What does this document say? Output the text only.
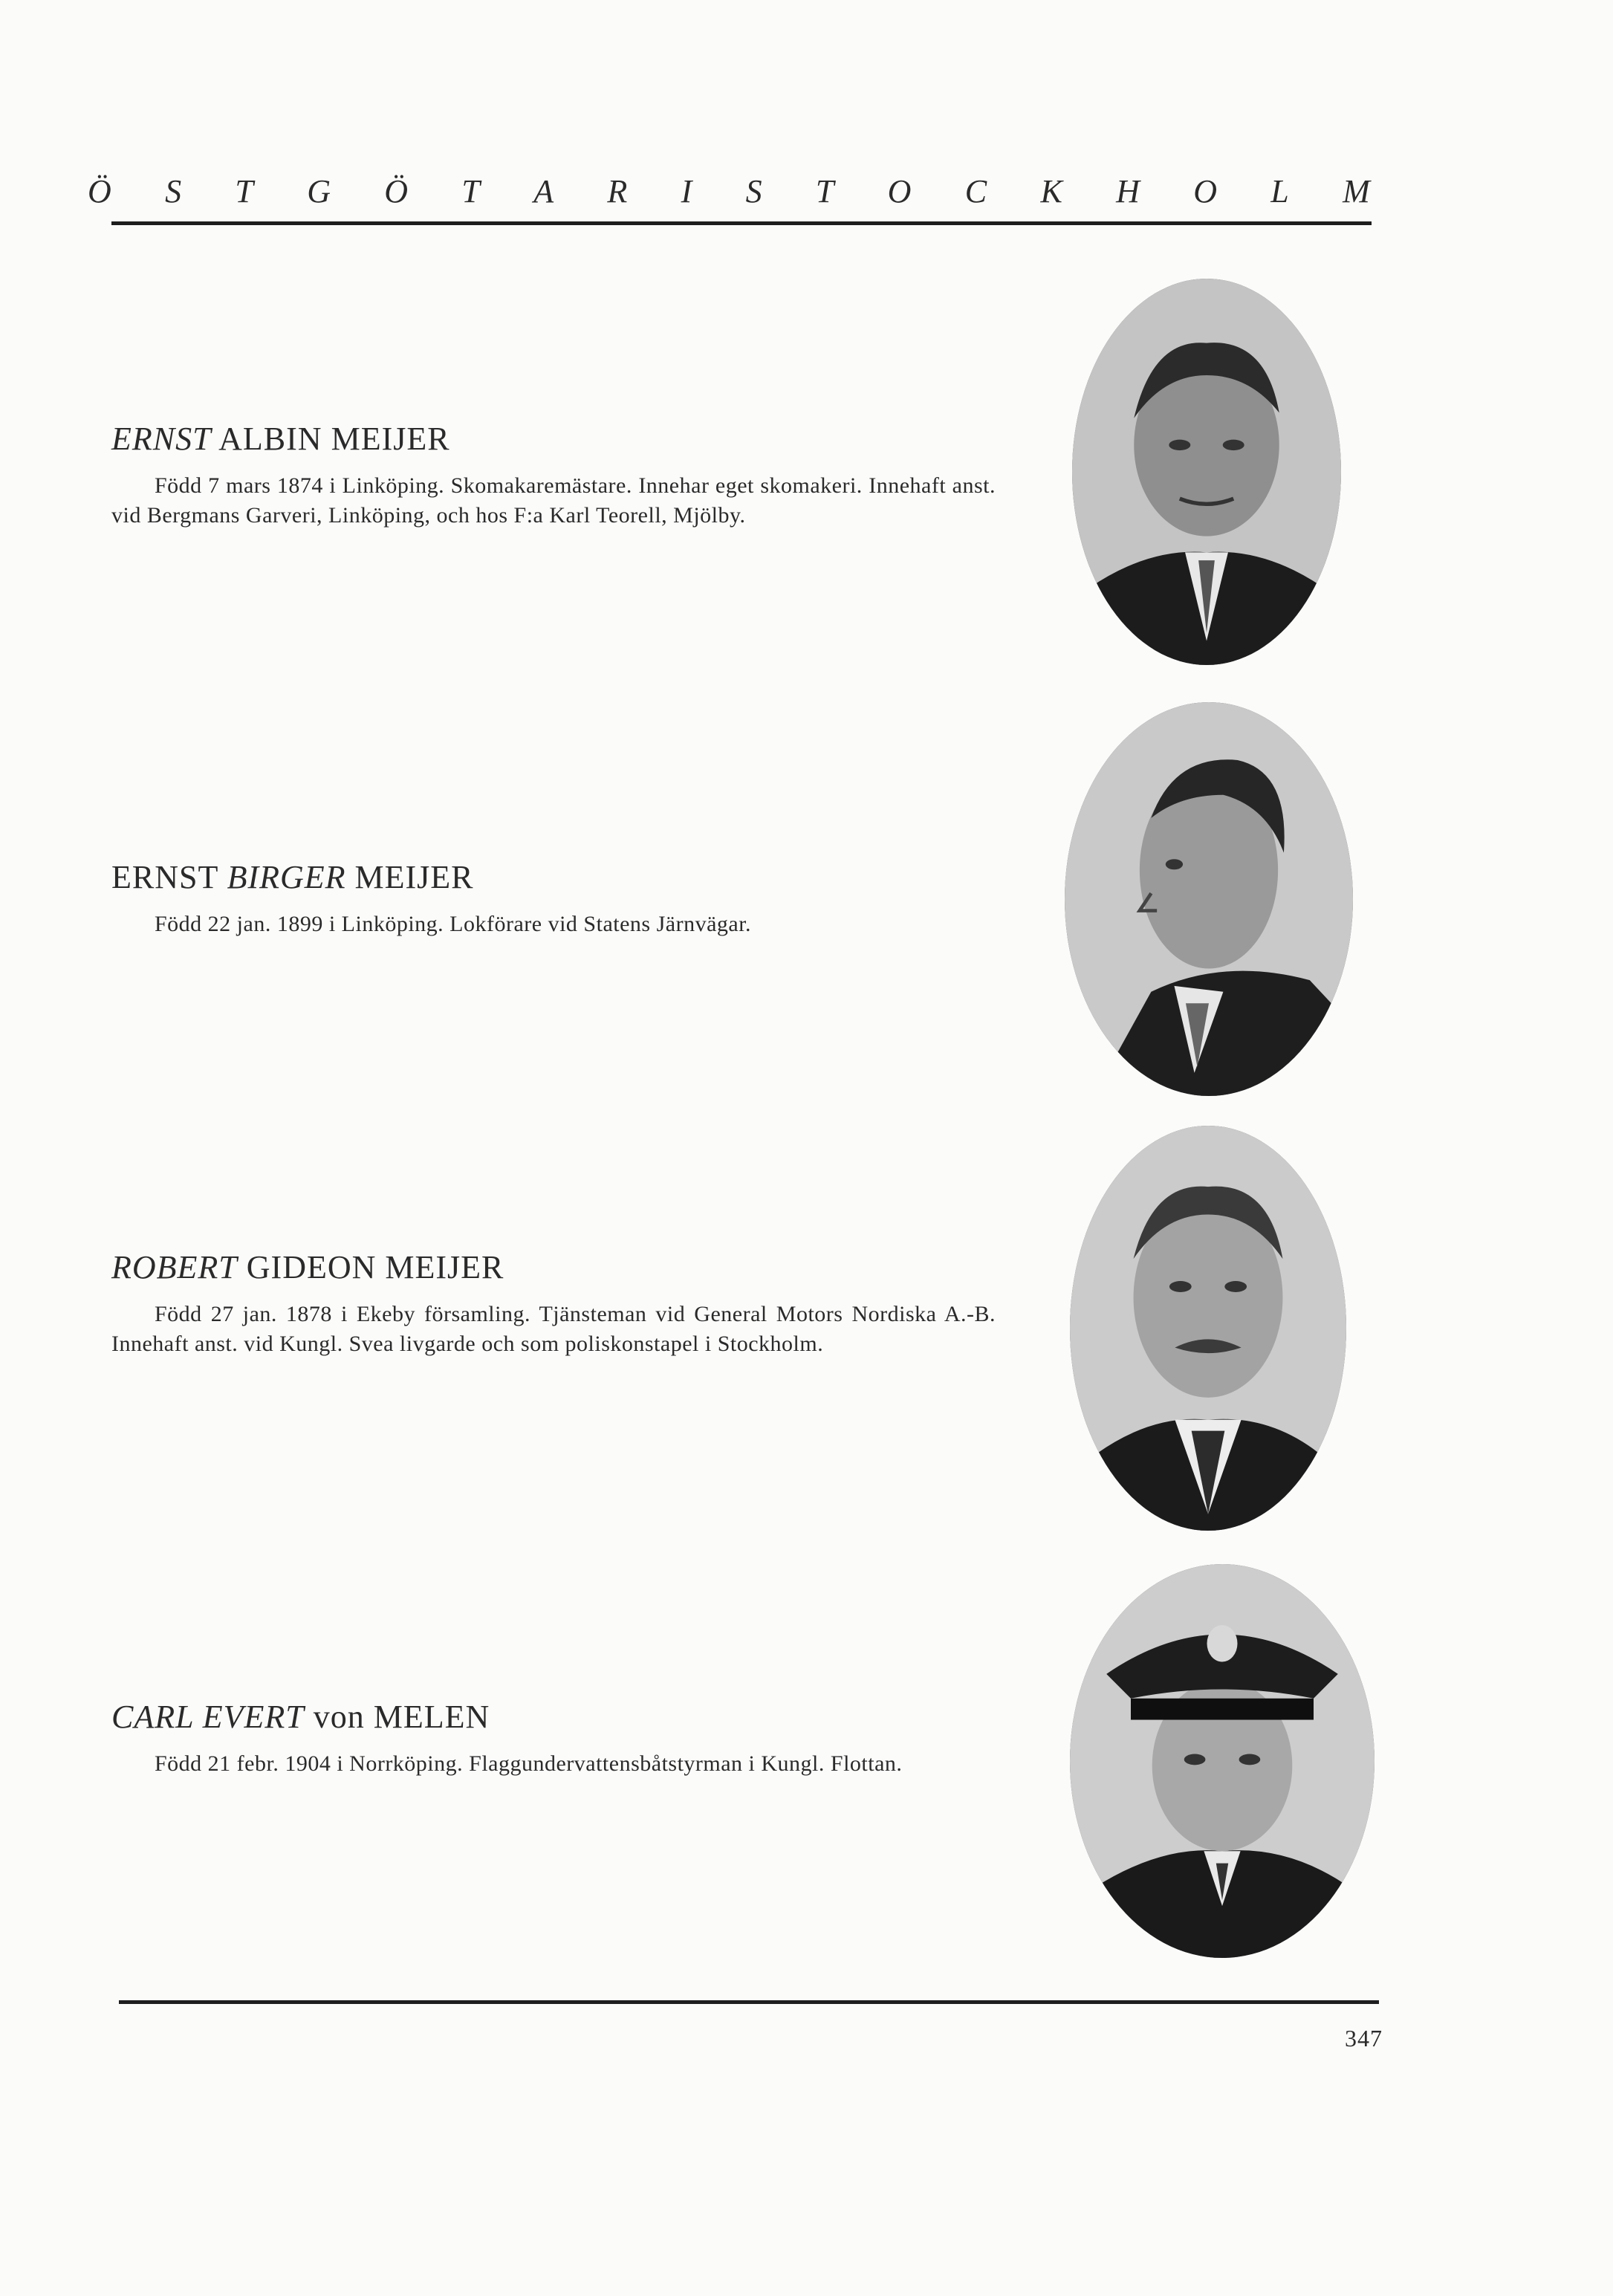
Ö S T G Ö T A R I S T O C K H O L M
ERNST ALBIN MEIJER

Född 7 mars 1874 i Linköping. Skomakaremästare. Innehar eget skomakeri. Innehaft anst. vid Bergmans Garveri, Linköping, och hos F:a Karl Teorell, Mjölby.

ERNST BIRGER MEIJER

Född 22 jan. 1899 i Linköping. Lokförare vid Statens Järnvägar.

ROBERT GIDEON MEIJER

Född 27 jan. 1878 i Ekeby församling. Tjänsteman vid General Motors Nordiska A.-B. Innehaft anst. vid Kungl. Svea livgarde och som poliskonstapel i Stockholm.

CARL EVERT von MELEN

Född 21 febr. 1904 i Norrköping. Flaggundervattensbåtstyrman i Kungl. Flottan.

347
